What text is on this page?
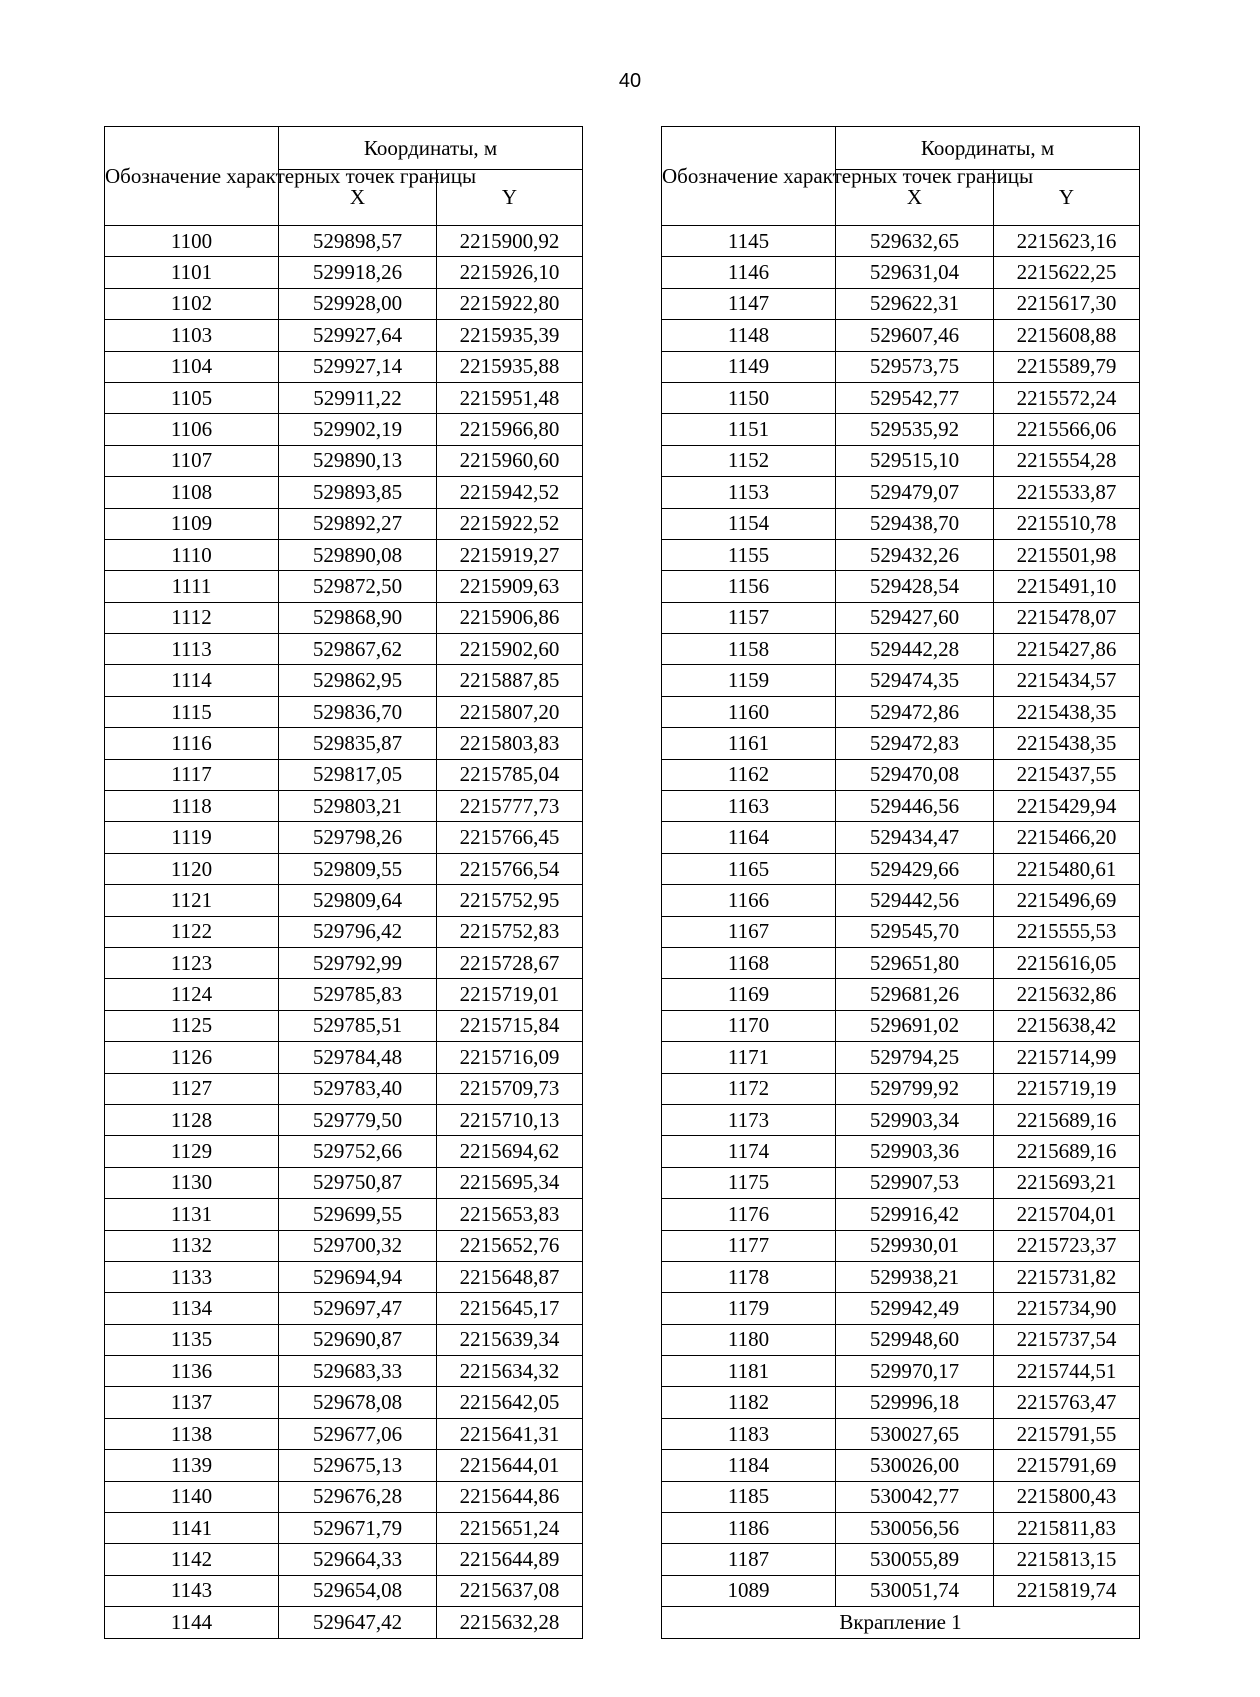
40
Обозначение характерных точек границы	Координаты, м	
	X	Y
1100	529898,57	2215900,92
1101	529918,26	2215926,10
1102	529928,00	2215922,80
1103	529927,64	2215935,39
1104	529927,14	2215935,88
1105	529911,22	2215951,48
1106	529902,19	2215966,80
1107	529890,13	2215960,60
1108	529893,85	2215942,52
1109	529892,27	2215922,52
1110	529890,08	2215919,27
1111	529872,50	2215909,63
1112	529868,90	2215906,86
1113	529867,62	2215902,60
1114	529862,95	2215887,85
1115	529836,70	2215807,20
1116	529835,87	2215803,83
1117	529817,05	2215785,04
1118	529803,21	2215777,73
1119	529798,26	2215766,45
1120	529809,55	2215766,54
1121	529809,64	2215752,95
1122	529796,42	2215752,83
1123	529792,99	2215728,67
1124	529785,83	2215719,01
1125	529785,51	2215715,84
1126	529784,48	2215716,09
1127	529783,40	2215709,73
1128	529779,50	2215710,13
1129	529752,66	2215694,62
1130	529750,87	2215695,34
1131	529699,55	2215653,83
1132	529700,32	2215652,76
1133	529694,94	2215648,87
1134	529697,47	2215645,17
1135	529690,87	2215639,34
1136	529683,33	2215634,32
1137	529678,08	2215642,05
1138	529677,06	2215641,31
1139	529675,13	2215644,01
1140	529676,28	2215644,86
1141	529671,79	2215651,24
1142	529664,33	2215644,89
1143	529654,08	2215637,08
1144	529647,42	2215632,28
Обозначение характерных точек границы	Координаты, м	
	X	Y
1145	529632,65	2215623,16
1146	529631,04	2215622,25
1147	529622,31	2215617,30
1148	529607,46	2215608,88
1149	529573,75	2215589,79
1150	529542,77	2215572,24
1151	529535,92	2215566,06
1152	529515,10	2215554,28
1153	529479,07	2215533,87
1154	529438,70	2215510,78
1155	529432,26	2215501,98
1156	529428,54	2215491,10
1157	529427,60	2215478,07
1158	529442,28	2215427,86
1159	529474,35	2215434,57
1160	529472,86	2215438,35
1161	529472,83	2215438,35
1162	529470,08	2215437,55
1163	529446,56	2215429,94
1164	529434,47	2215466,20
1165	529429,66	2215480,61
1166	529442,56	2215496,69
1167	529545,70	2215555,53
1168	529651,80	2215616,05
1169	529681,26	2215632,86
1170	529691,02	2215638,42
1171	529794,25	2215714,99
1172	529799,92	2215719,19
1173	529903,34	2215689,16
1174	529903,36	2215689,16
1175	529907,53	2215693,21
1176	529916,42	2215704,01
1177	529930,01	2215723,37
1178	529938,21	2215731,82
1179	529942,49	2215734,90
1180	529948,60	2215737,54
1181	529970,17	2215744,51
1182	529996,18	2215763,47
1183	530027,65	2215791,55
1184	530026,00	2215791,69
1185	530042,77	2215800,43
1186	530056,56	2215811,83
1187	530055,89	2215813,15
1089	530051,74	2215819,74
Вкрапление 1		
